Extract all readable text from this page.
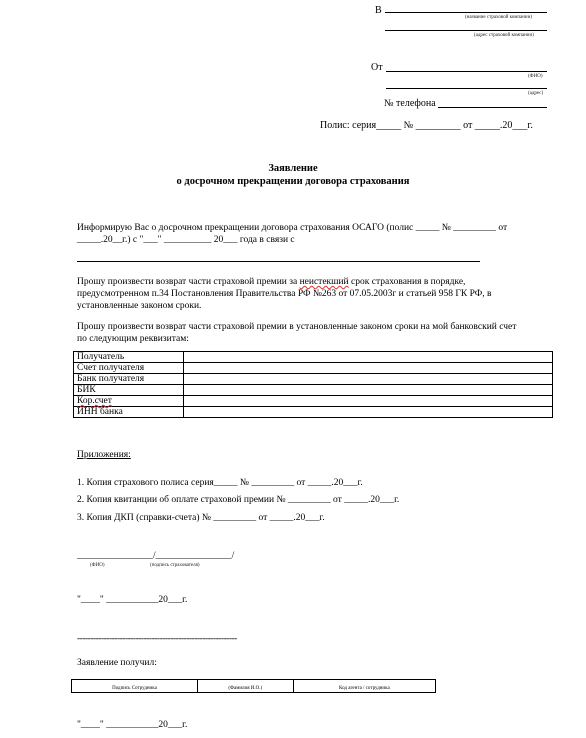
В
(название страховой компании)
(адрес страховой компании)
От
(ФИО)
(адрес)
№ телефона
Полис: серия_____ № _________ от _____.20___г.
Заявление
о досрочном прекращении договора страхования
Информирую Вас о досрочном прекращении договора страхования ОСАГО (полис _____ № _________ от
_____.20__г.) с "___" __________ 20___ года в связи с
Прошу произвести возврат части страховой премии за неистекший срок страхования в порядке,
предусмотренном п.34 Постановления Правительства РФ №263 от 07.05.2003г и статьей 958 ГК РФ, в
установленные законом сроки.
Прошу произвести возврат части страховой премии в установленные законом сроки на мой банковский счет
по следующим реквизитам:
Получатель	
Счет получателя	
Банк получателя	
БИК	
Кор.счет	
ИНН банка	
Приложения:
1. Копия страхового полиса серия_____ № _________ от _____.20___г.
2. Копия квитанции об оплате страховой премии № _________ от _____.20___г.
3. Копия ДКП (справки-счета) № _________ от _____.20___г.
________________/________________/
(ФИО)	(подпись страхователя)
"____" ___________20___г.
------------------------------------------------------------
Заявление получил:
Подпись Сотрудника	(Фамилия И.О.)	Код агента / сотрудника
"____" ___________20___г.
